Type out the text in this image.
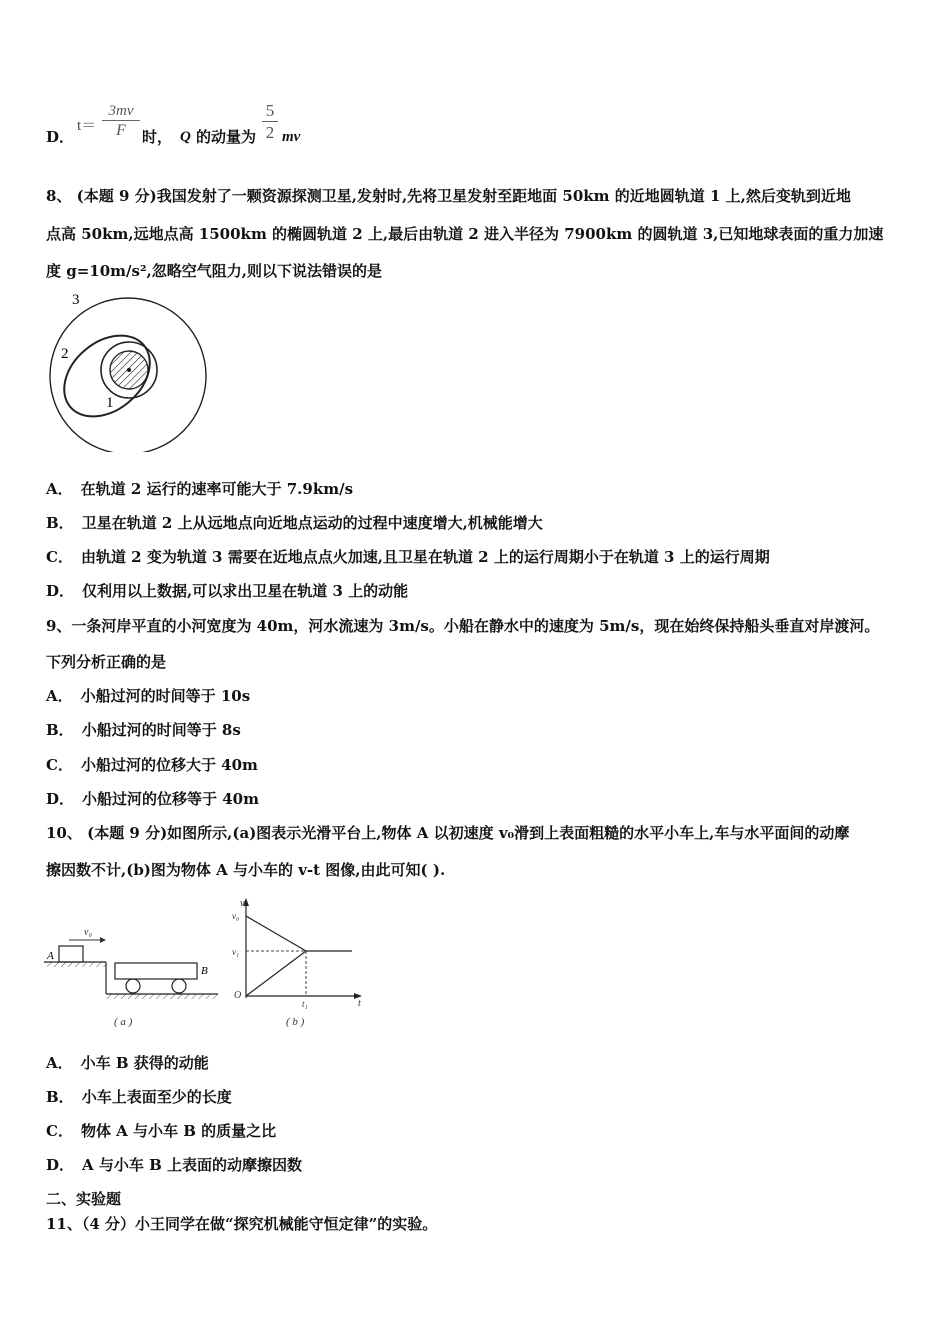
D．
$t= \frac{3mv}{F}$ 时， Q 的动量为 $\frac{5}{2}$ mv
8、 (本题 9 分)我国发射了一颗资源探测卫星,发射时,先将卫星发射至距地面 50km 的近地圆轨道 1 上,然后变轨到近地
点高 50km,远地点高 1500km 的椭圆轨道 2 上,最后由轨道 2 进入半径为 7900km 的圆轨道 3,已知地球表面的重力加速
度 g=10m/s²,忽略空气阻力,则以下说法错误的是
3
2
1
A． 在轨道 2 运行的速率可能大于 7.9km/s
B． 卫星在轨道 2 上从远地点向近地点运动的过程中速度增大,机械能增大
C． 由轨道 2 变为轨道 3 需要在近地点点火加速,且卫星在轨道 2 上的运行周期小于在轨道 3 上的运行周期
D． 仅利用以上数据,可以求出卫星在轨道 3 上的动能
9、一条河岸平直的小河宽度为 40m，河水流速为 3m/s。小船在静水中的速度为 5m/s，现在始终保持船头垂直对岸渡河。
下列分析正确的是
A． 小船过河的时间等于 10s
B． 小船过河的时间等于 8s
C． 小船过河的位移大于 40m
D． 小船过河的位移等于 40m
10、 (本题 9 分)如图所示,(a)图表示光滑平台上,物体 A 以初速度 v₀滑到上表面粗糙的水平小车上,车与水平面间的动摩
擦因数不计,(b)图为物体 A 与小车的 v-t 图像,由此可知( ).
v₀
A
B
( a )
v
t
v₀
v₁
O
t₁
( b )
A． 小车 B 获得的动能
B． 小车上表面至少的长度
C． 物体 A 与小车 B 的质量之比
D． A 与小车 B 上表面的动摩擦因数
二、实验题
11、（4 分）小王同学在做“探究机械能守恒定律”的实验。
